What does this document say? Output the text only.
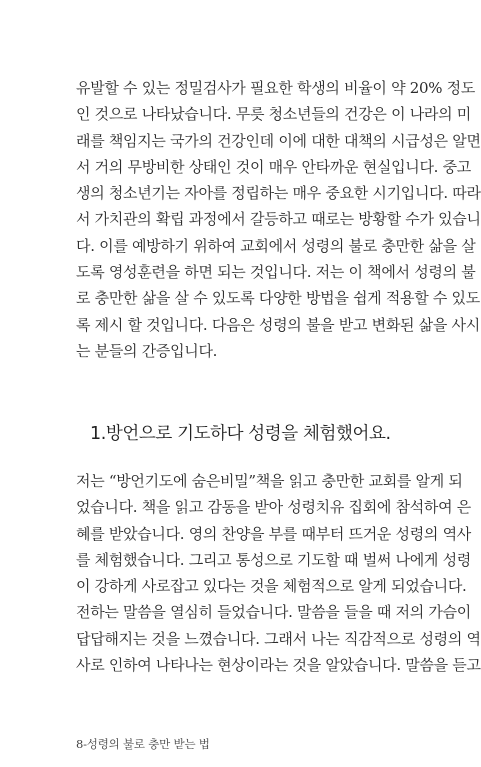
유발할 수 있는 정밀검사가 필요한 학생의 비율이 약 20% 정도
인 것으로 나타났습니다. 무릇 청소년들의 건강은 이 나라의 미
래를 책임지는 국가의 건강인데 이에 대한 대책의 시급성은 알면
서 거의 무방비한 상태인 것이 매우 안타까운 현실입니다. 중고
생의 청소년기는 자아를 정립하는 매우 중요한 시기입니다. 따라
서 가치관의 확립 과정에서 갈등하고 때로는 방황할 수가 있습니
다. 이를 예방하기 위하여 교회에서 성령의 불로 충만한 삶을 살
도록 영성훈련을 하면 되는 것입니다. 저는 이 책에서 성령의 불
로 충만한 삶을 살 수 있도록 다양한 방법을 쉽게 적용할 수 있도
록 제시 할 것입니다. 다음은 성령의 불을 받고 변화된 삶을 사시
는 분들의 간증입니다.
1.방언으로 기도하다 성령을 체험했어요.
저는 “방언기도에 숨은비밀”책을 읽고 충만한 교회를 알게 되
었습니다. 책을 읽고 감동을 받아 성령치유 집회에 참석하여 은
혜를 받았습니다. 영의 찬양을 부를 때부터 뜨거운 성령의 역사
를 체험했습니다. 그리고 통성으로 기도할 때 벌써 나에게 성령
이 강하게 사로잡고 있다는 것을 체험적으로 알게 되었습니다.
전하는 말씀을 열심히 들었습니다. 말씀을 들을 때 저의 가슴이
답답해지는 것을 느꼈습니다. 그래서 나는 직감적으로 성령의 역
사로 인하여 나타나는 현상이라는 것을 알았습니다. 말씀을 듣고
8-성령의 불로 충만 받는 법
